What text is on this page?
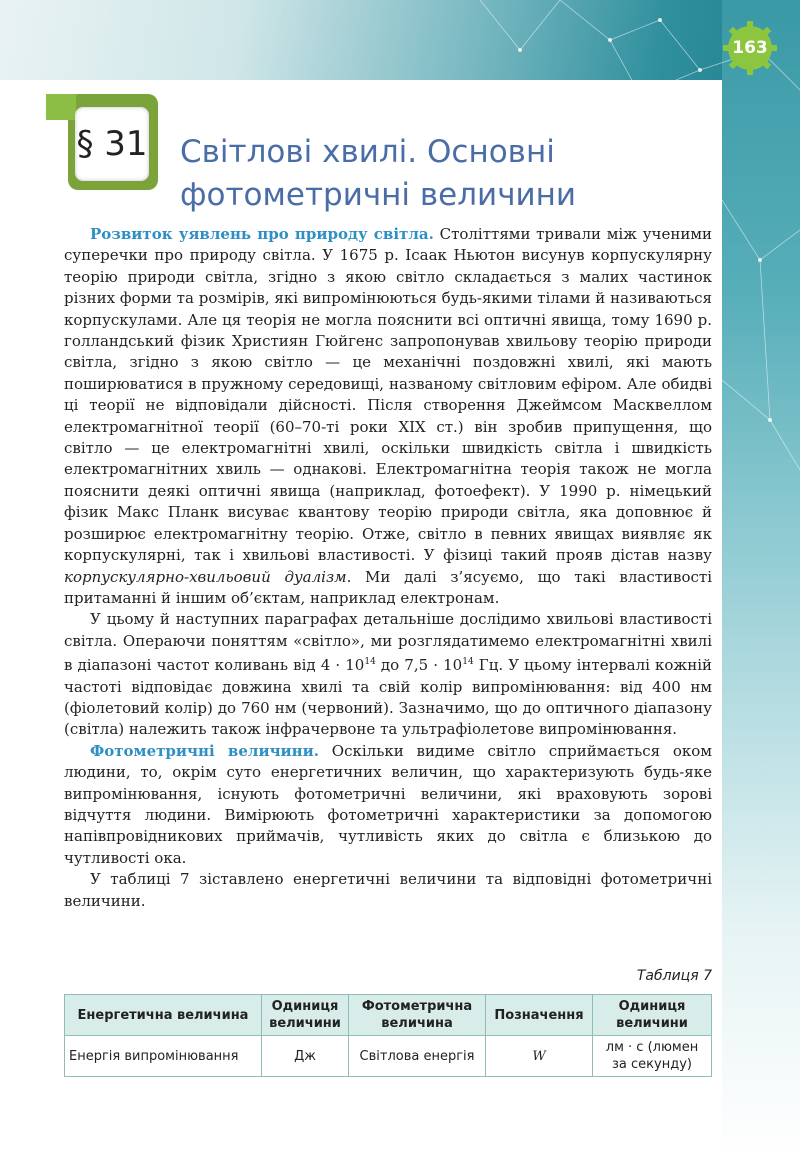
163
§ 31 Світлові хвилі. Основні
фотометричні величини

Розвиток уявлень про природу світла. Століттями тривали між ученими суперечки про природу світла. У 1675 р. Ісаак Ньютон висунув корпускулярну теорію природи світла, згідно з якою світло складається з малих частинок різних форми та розмірів, які випромінюються будь-якими тілами й називаються корпускулами. Але ця теорія не могла пояснити всі оптичні явища, тому 1690 р. голландський фізик Християн Гюйгенс запропонував хвильову теорію природи світла, згідно з якою світло — це механічні поздовжні хвилі, які мають поширюватися в пружному середовищі, названому світловим ефіром. Але обидві ці теорії не відповідали дійсності. Після створення Джеймсом Масквеллом електромагнітної теорії (60–70-ті роки XIX ст.) він зробив припущення, що світло — це електромагнітні хвилі, оскільки швидкість світла і швидкість електромагнітних хвиль — однакові. Електромагнітна теорія також не могла пояснити деякі оптичні явища (наприклад, фотоефект). У 1990 р. німецький фізик Макс Планк висуває квантову теорію природи світла, яка доповнює й розширює електромагнітну теорію. Отже, світло в певних явищах виявляє як корпускулярні, так і хвильові властивості. У фізиці такий прояв дістав назву корпускулярно-хвильовий дуалізм. Ми далі з’ясуємо, що такі властивості притаманні й іншим об’єктам, наприклад електронам.

У цьому й наступних параграфах детальніше дослідимо хвильові властивості світла. Операючи поняттям «світло», ми розглядатимемо електромагнітні хвилі в діапазоні частот коливань від $4 \cdot 10^{14}$ до $7,5 \cdot 10^{14}$ Гц. У цьому інтервалі кожній частоті відповідає довжина хвилі та свій колір випромінювання: від 400 нм (фіолетовий колір) до 760 нм (червоний). Зазначимо, що до оптичного діапазону (світла) належить також інфрачервоне та ультрафіолетове випромінювання.

Фотометричні величини. Оскільки видиме світло сприймається оком людини, то, окрім суто енергетичних величин, що характеризують будь-яке випромінювання, існують фотометричні величини, які враховують зорові відчуття людини. Вимірюють фотометричні характеристики за допомогою напівпровідникових приймачів, чутливість яких до світла є близькою до чутливості ока.

У таблиці 7 зіставлено енергетичні величини та відповідні фотометричні величини.

Таблиця 7
Енергетична величина	Одиниця величини	Фотометрична величина	Позначення	Одиниця величини
Енергія випромінювання	Дж	Світлова енергія	W	лм · с (люмен за секунду)
